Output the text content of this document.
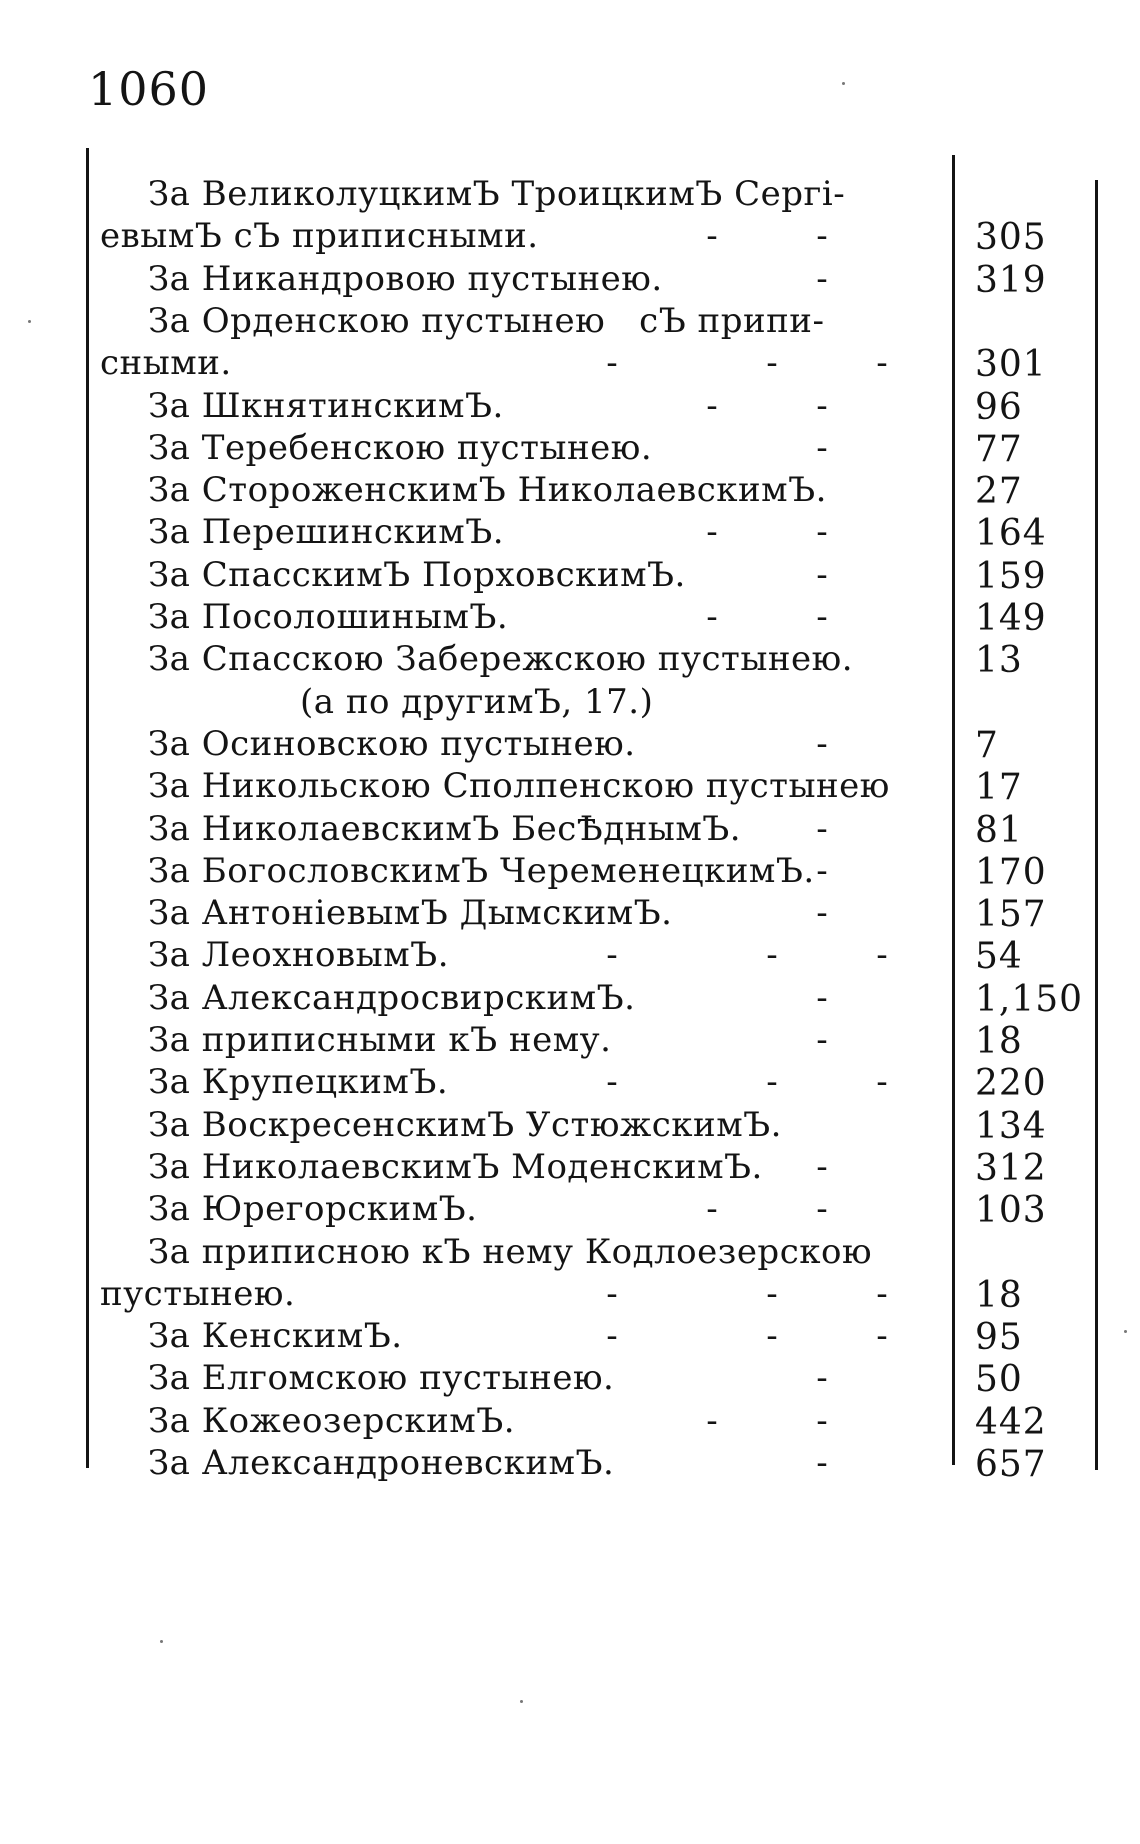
1060
За ВеликолуцкимЪ ТроицкимЪ Сергі-
евымЪ сЪ приписными.	-	-	305
За Никандровою пустынею.	-	319
За Орденскою пустынею   сЪ припи-
сными.	-	-	- 301
За ШкнятинскимЪ.	-	-	96
За Теребенскою пустынею.	-	77
За СтороженскимЪ НиколаевскимЪ.	27
За ПерешинскимЪ.	-	-	164
За СпасскимЪ ПорховскимЪ.	-	159
За ПосолошинымЪ.	-	-	149
За Спасскою Забережскою пустынею.	13
(а по другимЪ, 17.)
За Осиновскою пустынею.	-	7
За Никольскою Сполпенскою пустынею 17
За НиколаевскимЪ БесѢднымЪ. -	81
За БогословскимЪ ЧеременецкимЪ. -	170
За АнтоніевымЪ ДымскимЪ.	-	157
За ЛеохновымЪ.	-	-	- 54
За АлександросвирскимЪ.	-	1,150
За приписными кЪ нему.	-	18
За КрупецкимЪ.	-	-	- 220
За ВоскресенскимЪ УстюжскимЪ.	134
За НиколаевскимЪ МоденскимЪ. -	312
За ЮрегорскимЪ.	-	-	103
За приписною кЪ нему Кодлоезерскою
пустынею.	-	-	- 18
За КенскимЪ.	-	-	- 95
За Елгомскою пустынею.	-	50
За КожеозерскимЪ.	-	-	442
За АлександроневскимЪ.	-	657
